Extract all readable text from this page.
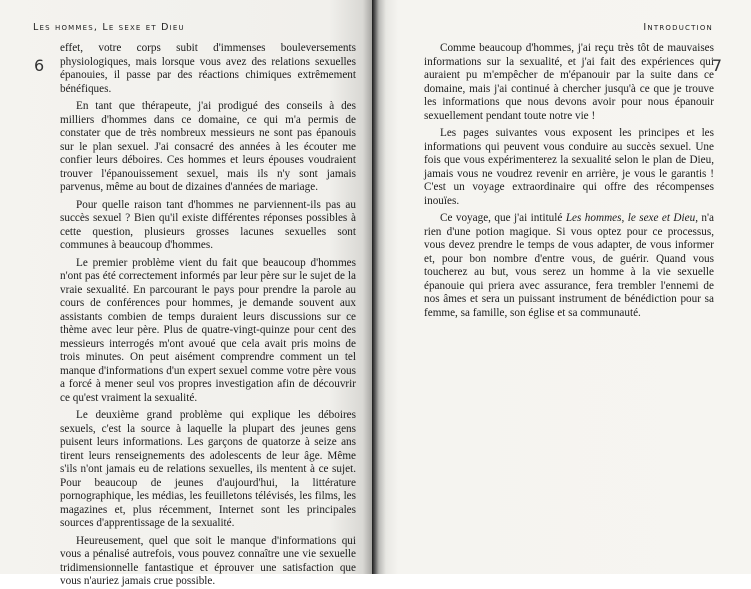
Les hommes, Le sexe et Dieu
6

effet, votre corps subit d'immenses bouleversements physiologiques, mais lorsque vous avez des relations sexuelles épanouies, il passe par des réactions chimiques extrêmement bénéfiques.

En tant que thérapeute, j'ai prodigué des conseils à des milliers d'hommes dans ce domaine, ce qui m'a permis de constater que de très nombreux messieurs ne sont pas épanouis sur le plan sexuel. J'ai consacré des années à les écouter me confier leurs déboires. Ces hommes et leurs épouses voudraient trouver l'épanouissement sexuel, mais ils n'y sont jamais parvenus, même au bout de dizaines d'années de mariage.

Pour quelle raison tant d'hommes ne parviennent-ils pas au succès sexuel ? Bien qu'il existe différentes réponses possibles à cette question, plusieurs grosses lacunes sexuelles sont communes à beaucoup d'hommes.

Le premier problème vient du fait que beaucoup d'hommes n'ont pas été correctement informés par leur père sur le sujet de la vraie sexualité. En parcourant le pays pour prendre la parole au cours de conférences pour hommes, je demande souvent aux assistants combien de temps duraient leurs discussions sur ce thème avec leur père. Plus de quatre-vingt-quinze pour cent des messieurs interrogés m'ont avoué que cela avait pris moins de trois minutes. On peut aisément comprendre comment un tel manque d'informations d'un expert sexuel comme votre père vous a forcé à mener seul vos propres investigation afin de découvrir ce qu'est vraiment la sexualité.

Le deuxième grand problème qui explique les déboires sexuels, c'est la source à laquelle la plupart des jeunes gens puisent leurs informations. Les garçons de quatorze à seize ans tirent leurs renseignements des adolescents de leur âge. Même s'ils n'ont jamais eu de relations sexuelles, ils mentent à ce sujet. Pour beaucoup de jeunes d'aujourd'hui, la littérature pornographique, les médias, les feuilletons télévisés, les films, les magazines et, plus récemment, Internet sont les principales sources d'apprentissage de la sexualité.

Heureusement, quel que soit le manque d'informations qui vous a pénalisé autrefois, vous pouvez connaître une vie sexuelle tridimensionnelle fantastique et éprouver une satisfaction que vous n'auriez jamais crue possible.

Introduction
7

Comme beaucoup d'hommes, j'ai reçu très tôt de mauvaises informations sur la sexualité, et j'ai fait des expériences qui auraient pu m'empêcher de m'épanouir par la suite dans ce domaine, mais j'ai continué à chercher jusqu'à ce que je trouve les informations que nous devons avoir pour nous épanouir sexuellement pendant toute notre vie !

Les pages suivantes vous exposent les principes et les informations qui peuvent vous conduire au succès sexuel. Une fois que vous expérimenterez la sexualité selon le plan de Dieu, jamais vous ne voudrez revenir en arrière, je vous le garantis ! C'est un voyage extraordinaire qui offre des récompenses inouïes.

Ce voyage, que j'ai intitulé Les hommes, le sexe et Dieu, n'a rien d'une potion magique. Si vous optez pour ce processus, vous devez prendre le temps de vous adapter, de vous informer et, pour bon nombre d'entre vous, de guérir. Quand vous toucherez au but, vous serez un homme à la vie sexuelle épanouie qui priera avec assurance, fera trembler l'ennemi de nos âmes et sera un puissant instrument de bénédiction pour sa femme, sa famille, son église et sa communauté.
